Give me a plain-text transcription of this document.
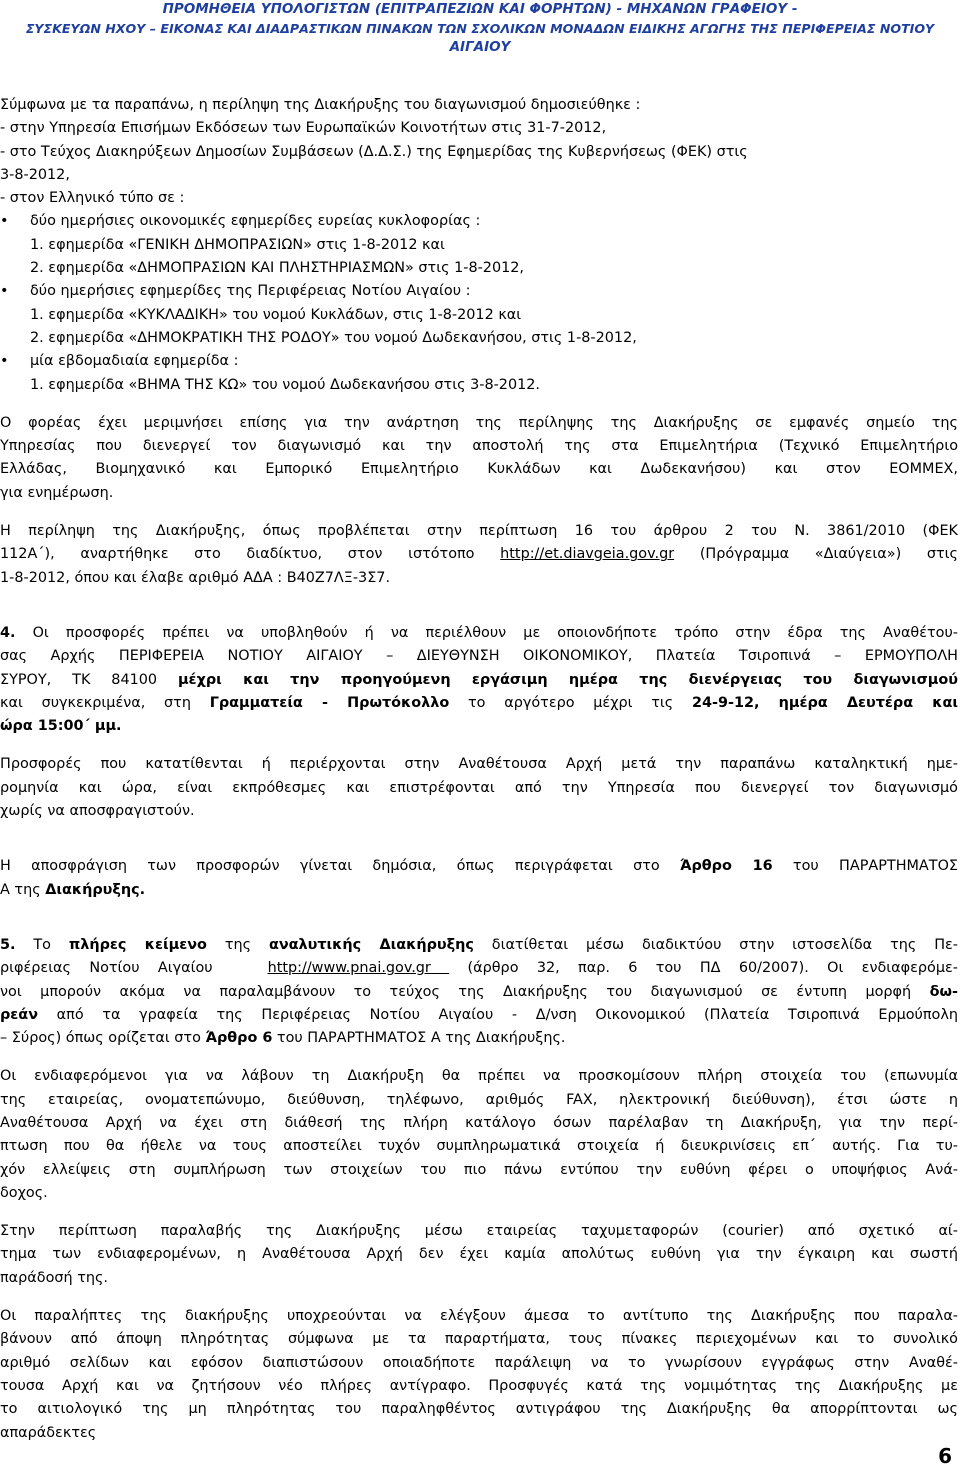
ΠΡΟΜΗΘΕΙΑ ΥΠΟΛΟΓΙΣΤΩΝ (ΕΠΙΤΡΑΠΕΖΙΩΝ ΚΑΙ ΦΟΡΗΤΩΝ) - ΜΗΧΑΝΩΝ ΓΡΑΦΕΙΟΥ -
ΣΥΣΚΕΥΩΝ ΗΧΟΥ – ΕΙΚΟΝΑΣ ΚΑΙ ΔΙΑΔΡΑΣΤΙΚΩΝ ΠΙΝΑΚΩΝ ΤΩΝ ΣΧΟΛΙΚΩΝ ΜΟΝΑΔΩΝ ΕΙΔΙΚΗΣ ΑΓΩΓΗΣ ΤΗΣ ΠΕΡΙΦΕΡΕΙΑΣ ΝΟΤΙΟΥ
ΑΙΓΑΙΟΥ
Σύμφωνα με τα παραπάνω, η περίληψη της Διακήρυξης του διαγωνισμού δημοσιεύθηκε :
- στην Υπηρεσία Επισήμων Εκδόσεων των Ευρωπαϊκών Κοινοτήτων στις 31-7-2012,
- στο Τεύχος Διακηρύξεων Δημοσίων Συμβάσεων (Δ.Δ.Σ.) της Εφημερίδας της Κυβερνήσεως (ΦΕΚ) στις
3-8-2012,
- στον Ελληνικό τύπο σε :
• δύο ημερήσιες οικονομικές εφημερίδες ευρείας κυκλοφορίας :
1. εφημερίδα «ΓΕΝΙΚΗ ΔΗΜΟΠΡΑΣΙΩΝ» στις 1-8-2012 και
2. εφημερίδα «ΔΗΜΟΠΡΑΣΙΩΝ ΚΑΙ ΠΛΗΣΤΗΡΙΑΣΜΩΝ» στις 1-8-2012,
• δύο ημερήσιες εφημερίδες της Περιφέρειας Νοτίου Αιγαίου :
1. εφημερίδα «ΚΥΚΛΑΔΙΚΗ» του νομού Κυκλάδων, στις 1-8-2012 και
2. εφημερίδα «ΔΗΜΟΚΡΑΤΙΚΗ ΤΗΣ ΡΟΔΟΥ» του νομού Δωδεκανήσου, στις 1-8-2012,
• μία εβδομαδιαία εφημερίδα :
1. εφημερίδα «ΒΗΜΑ ΤΗΣ ΚΩ» του νομού Δωδεκανήσου στις 3-8-2012.
Ο φορέας έχει μεριμνήσει επίσης για την ανάρτηση της περίληψης της Διακήρυξης σε εμφανές σημείο της
Υπηρεσίας που διενεργεί τον διαγωνισμό και την αποστολή της στα Επιμελητήρια (Τεχνικό Επιμελητήριο
Ελλάδας, Βιομηχανικό και Εμπορικό Επιμελητήριο Κυκλάδων και Δωδεκανήσου) και στον ΕΟΜΜΕΧ,
για ενημέρωση.
Η περίληψη της Διακήρυξης, όπως προβλέπεται στην περίπτωση 16 του άρθρου 2 του Ν. 3861/2010 (ΦΕΚ
112Α΄), αναρτήθηκε στο διαδίκτυο, στον ιστότοπο http://et.diavgeia.gov.gr (Πρόγραμμα «Διαύγεια») στις
1-8-2012, όπου και έλαβε αριθμό ΑΔΑ : Β40Ζ7ΛΞ-3Σ7.
4. Οι προσφορές πρέπει να υποβληθούν ή να περιέλθουν με οποιονδήποτε τρόπο στην έδρα της Αναθέτου-
σας Αρχής ΠΕΡΙΦΕΡΕΙΑ ΝΟΤΙΟΥ ΑΙΓΑΙΟΥ – ΔΙΕΥΘΥΝΣΗ ΟΙΚΟΝΟΜΙΚΟΥ, Πλατεία Τσιροπινά – ΕΡΜΟΥΠΟΛΗ
ΣΥΡΟΥ, ΤΚ 84100 μέχρι και την προηγούμενη εργάσιμη ημέρα της διενέργειας του διαγωνισμού
και συγκεκριμένα, στη Γραμματεία - Πρωτόκολλο το αργότερο μέχρι τις 24-9-12, ημέρα Δευτέρα και
ώρα 15:00΄ μμ.
Προσφορές που κατατίθενται ή περιέρχονται στην Αναθέτουσα Αρχή μετά την παραπάνω καταληκτική ημε-
ρομηνία και ώρα, είναι εκπρόθεσμες και επιστρέφονται από την Υπηρεσία που διενεργεί τον διαγωνισμό
χωρίς να αποσφραγιστούν.
Η αποσφράγιση των προσφορών γίνεται δημόσια, όπως περιγράφεται στο Άρθρο 16 του ΠΑΡΑΡΤΗΜΑΤΟΣ
Α της Διακήρυξης.
5. Το πλήρες κείμενο της αναλυτικής Διακήρυξης διατίθεται μέσω διαδικτύου στην ιστοσελίδα της Πε-
ριφέρειας Νοτίου Αιγαίου   http://www.pnai.gov.gr  (άρθρο 32, παρ. 6 του ΠΔ 60/2007). Οι ενδιαφερόμε-
νοι μπορούν ακόμα να παραλαμβάνουν το τεύχος της Διακήρυξης του διαγωνισμού σε έντυπη μορφή δω-
ρεάν από τα γραφεία της Περιφέρειας Νοτίου Αιγαίου - Δ/νση Οικονομικού (Πλατεία Τσιροπινά Ερμούπολη
– Σύρος) όπως ορίζεται στο Άρθρο 6 του ΠΑΡΑΡΤΗΜΑΤΟΣ Α της Διακήρυξης.
Οι ενδιαφερόμενοι για να λάβουν τη Διακήρυξη θα πρέπει να προσκομίσουν πλήρη στοιχεία του (επωνυμία
της εταιρείας, ονοματεπώνυμο, διεύθυνση, τηλέφωνο, αριθμός FAX, ηλεκτρονική διεύθυνση), έτσι ώστε η
Αναθέτουσα Αρχή να έχει στη διάθεσή της πλήρη κατάλογο όσων παρέλαβαν τη Διακήρυξη, για την περί-
πτωση που θα ήθελε να τους αποστείλει τυχόν συμπληρωματικά στοιχεία ή διευκρινίσεις επ΄ αυτής. Για τυ-
χόν ελλείψεις στη συμπλήρωση των στοιχείων του πιο πάνω εντύπου την ευθύνη φέρει ο υποψήφιος Ανά-
δοχος.
Στην περίπτωση παραλαβής της Διακήρυξης μέσω εταιρείας ταχυμεταφορών (courier) από σχετικό αί-
τημα των ενδιαφερομένων, η Αναθέτουσα Αρχή δεν έχει καμία απολύτως ευθύνη για την έγκαιρη και σωστή
παράδοσή της.
Οι παραλήπτες της διακήρυξης υποχρεούνται να ελέγξουν άμεσα το αντίτυπο της Διακήρυξης που παραλα-
βάνουν από άποψη πληρότητας σύμφωνα με τα παραρτήματα, τους πίνακες περιεχομένων και το συνολικό
αριθμό σελίδων και εφόσον διαπιστώσουν οποιαδήποτε παράλειψη να το γνωρίσουν εγγράφως στην Αναθέ-
τουσα Αρχή και να ζητήσουν νέο πλήρες αντίγραφο. Προσφυγές κατά της νομιμότητας της Διακήρυξης με
το αιτιολογικό της μη πληρότητας του παραληφθέντος αντιγράφου της Διακήρυξης θα απορρίπτονται ως
απαράδεκτες
6
